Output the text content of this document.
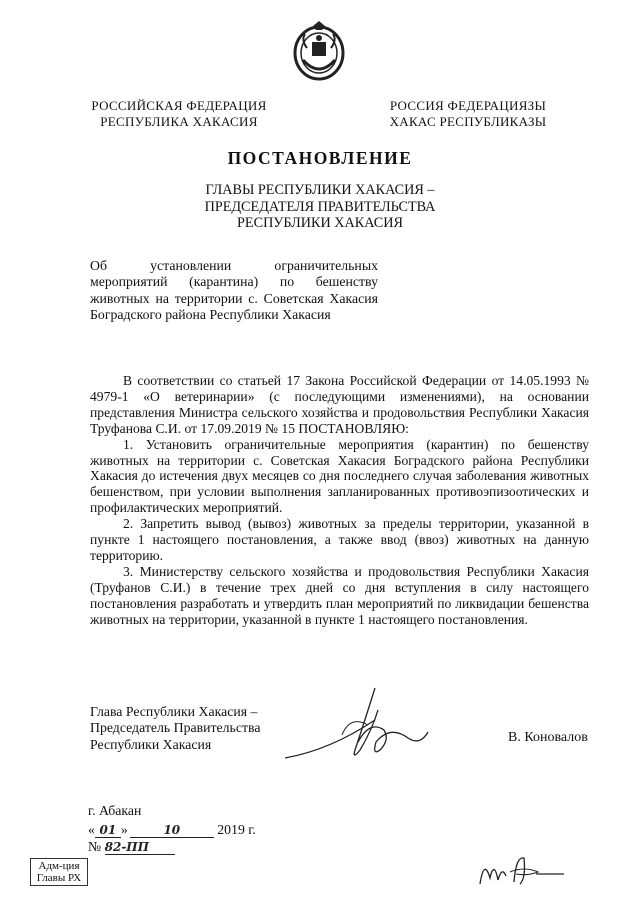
РОССИЙСКАЯ ФЕДЕРАЦИЯ
РЕСПУБЛИКА ХАКАСИЯ
РОССИЯ ФЕДЕРАЦИЯЗЫ
ХАКАС РЕСПУБЛИКАЗЫ
ПОСТАНОВЛЕНИЕ
ГЛАВЫ РЕСПУБЛИКИ ХАКАСИЯ –
ПРЕДСЕДАТЕЛЯ ПРАВИТЕЛЬСТВА
РЕСПУБЛИКИ ХАКАСИЯ
Об установлении ограничительных
мероприятий (карантина) по бешенству
животных на территории с. Советская Хакасия
Боградского района Республики Хакасия
В соответствии со статьей 17 Закона Российской Федерации от 14.05.1993 № 4979-1 «О ветеринарии» (с последующими изменениями), на основании представления Министра сельского хозяйства и продовольствия Республики Хакасия Труфанова С.И. от 17.09.2019 № 15 ПОСТАНОВЛЯЮ:
1. Установить ограничительные мероприятия (карантин) по бешенству животных на территории с. Советская Хакасия Боградского района Республики Хакасия до истечения двух месяцев со дня последнего случая заболевания животных бешенством, при условии выполнения запланированных противоэпизоотических и профилактических мероприятий.
2. Запретить вывод (вывоз) животных за пределы территории, указанной в пункте 1 настоящего постановления, а также ввод (ввоз) животных на данную территорию.
3. Министерству сельского хозяйства и продовольствия Республики Хакасия (Труфанов С.И.) в течение трех дней со дня вступления в силу настоящего постановления разработать и утвердить план мероприятий по ликвидации бешенства животных на территории, указанной в пункте 1 настоящего постановления.
Глава Республики Хакасия –
Председатель Правительства
Республики Хакасия	В. Коновалов
г. Абакан
« 01 »	10	2019 г.
№ 82-ПП
Адм-ция
Главы РХ
